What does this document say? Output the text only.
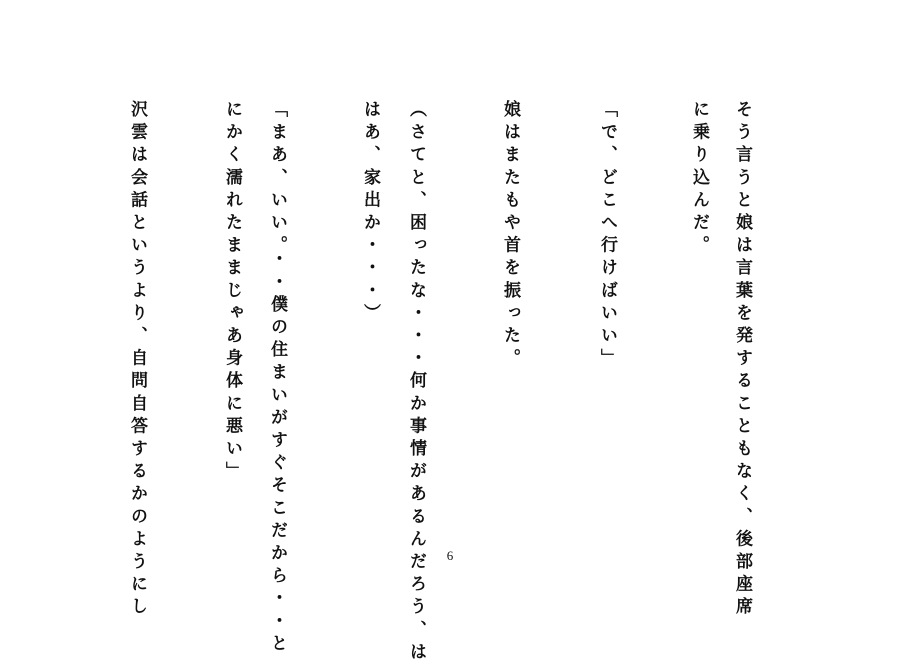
そう言うと娘は言葉を発することもなく、後部座席
に乗り込んだ。
「で、どこへ行けばいい」
娘はまたもや首を振った。
（さてと、困ったな・・・何か事情があるんだろう、は
はあ、家出か・・・）
「まあ、いい。・・僕の住まいがすぐそこだから・・と
にかく濡れたままじゃあ身体に悪い」
沢雲は会話というより、自問自答するかのようにし	6
